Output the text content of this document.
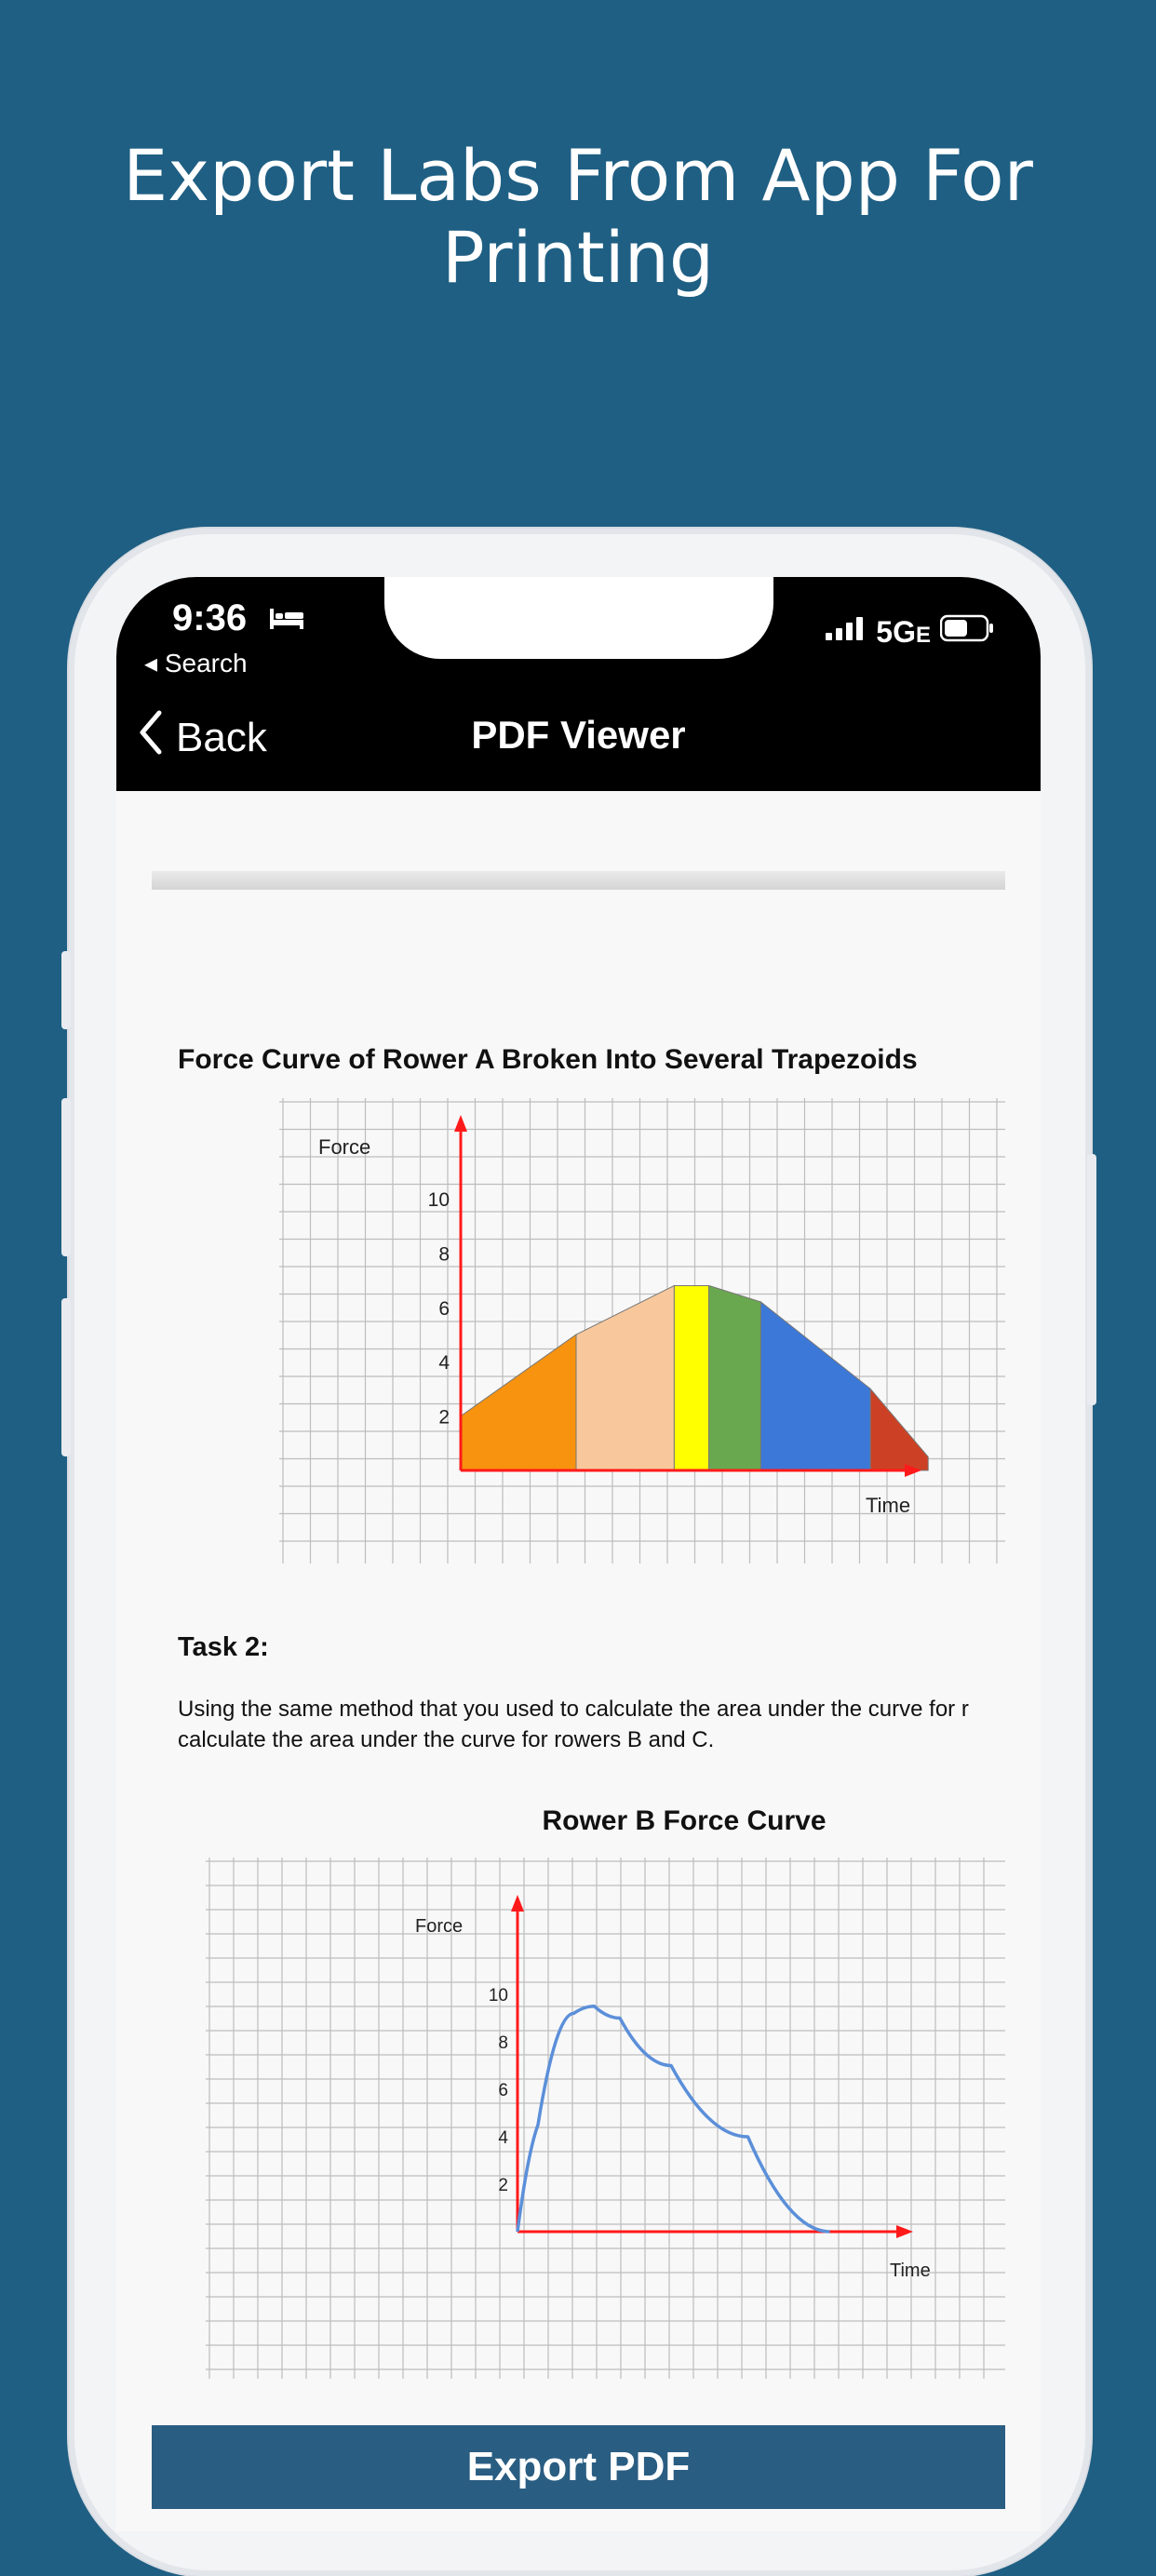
Export Labs From App For Printing
9:36
◂ Search
5GE
Back	PDF Viewer
Force Curve of Rower A Broken Into Several Trapezoids
2
4
6
8
10
Force
Time
Task 2:
Using the same method that you used to calculate the area under the curve for r
calculate the area under the curve for rowers B and C.
Rower B Force Curve
2
4
6
8
10
Force
Time
Export PDF
